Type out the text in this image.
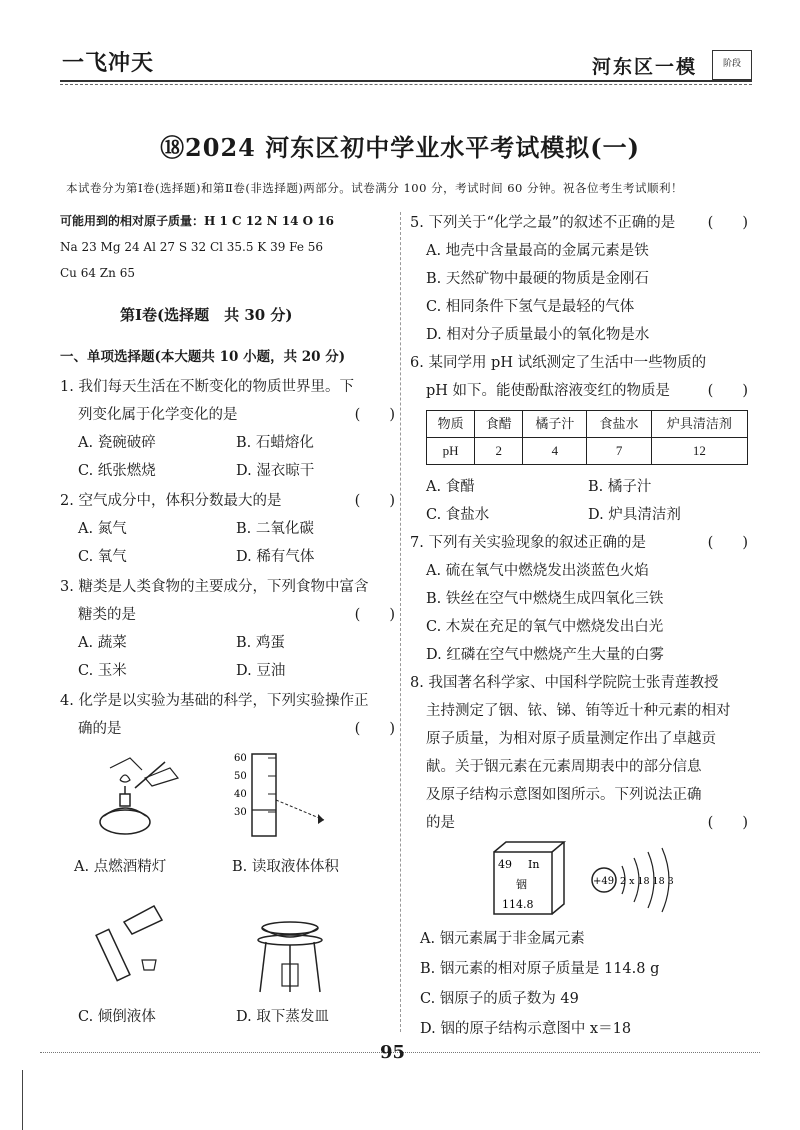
一飞冲天	河东区一模	阶段
⑱2024 河东区初中学业水平考试模拟(一)
本试卷分为第Ⅰ卷(选择题)和第Ⅱ卷(非选择题)两部分。试卷满分 100 分，考试时间 60 分钟。祝各位考生考试顺利！
可能用到的相对原子质量：H 1 C 12 N 14 O 16
Na 23 Mg 24 Al 27 S 32 Cl 35.5 K 39 Fe 56
Cu 64 Zn 65
第Ⅰ卷(选择题　共 30 分)
一、单项选择题(本大题共 10 小题，共 20 分)
1. 我们每天生活在不断变化的物质世界里。下
列变化属于化学变化的是	(　　)
A. 瓷碗破碎	B. 石蜡熔化
C. 纸张燃烧	D. 湿衣晾干
2. 空气成分中，体积分数最大的是	(　　)
A. 氮气	B. 二氧化碳
C. 氧气	D. 稀有气体
3. 糖类是人类食物的主要成分，下列食物中富含
糖类的是	(　　)
A. 蔬菜	B. 鸡蛋
C. 玉米	D. 豆油
4. 化学是以实验为基础的科学，下列实验操作正
确的是	(　　)
60
50
40
30
A. 点燃酒精灯	B. 读取液体体积
C. 倾倒液体	D. 取下蒸发皿
5. 下列关于“化学之最”的叙述不正确的是 (　　)
A. 地壳中含量最高的金属元素是铁
B. 天然矿物中最硬的物质是金刚石
C. 相同条件下氢气是最轻的气体
D. 相对分子质量最小的氧化物是水
6. 某同学用 pH 试纸测定了生活中一些物质的
pH 如下。能使酚酞溶液变红的物质是	(　　)
物质	食醋	橘子汁	食盐水	炉具清洁剂
pH	2	4	7	12
A. 食醋	B. 橘子汁
C. 食盐水	D. 炉具清洁剂
7. 下列有关实验现象的叙述正确的是	(　　)
A. 硫在氧气中燃烧发出淡蓝色火焰
B. 铁丝在空气中燃烧生成四氧化三铁
C. 木炭在充足的氧气中燃烧发出白光
D. 红磷在空气中燃烧产生大量的白雾
8. 我国著名科学家、中国科学院院士张青莲教授
主持测定了铟、铱、锑、铕等近十种元素的相对
原子质量，为相对原子质量测定作出了卓越贡
献。关于铟元素在元素周期表中的部分信息
及原子结构示意图如图所示。下列说法正确
的是	(　　)
49 In
铟
114.8
+49 2 x 18 18 3
A. 铟元素属于非金属元素
B. 铟元素的相对原子质量是 114.8 g
C. 铟原子的质子数为 49
D. 铟的原子结构示意图中 x＝18
95
